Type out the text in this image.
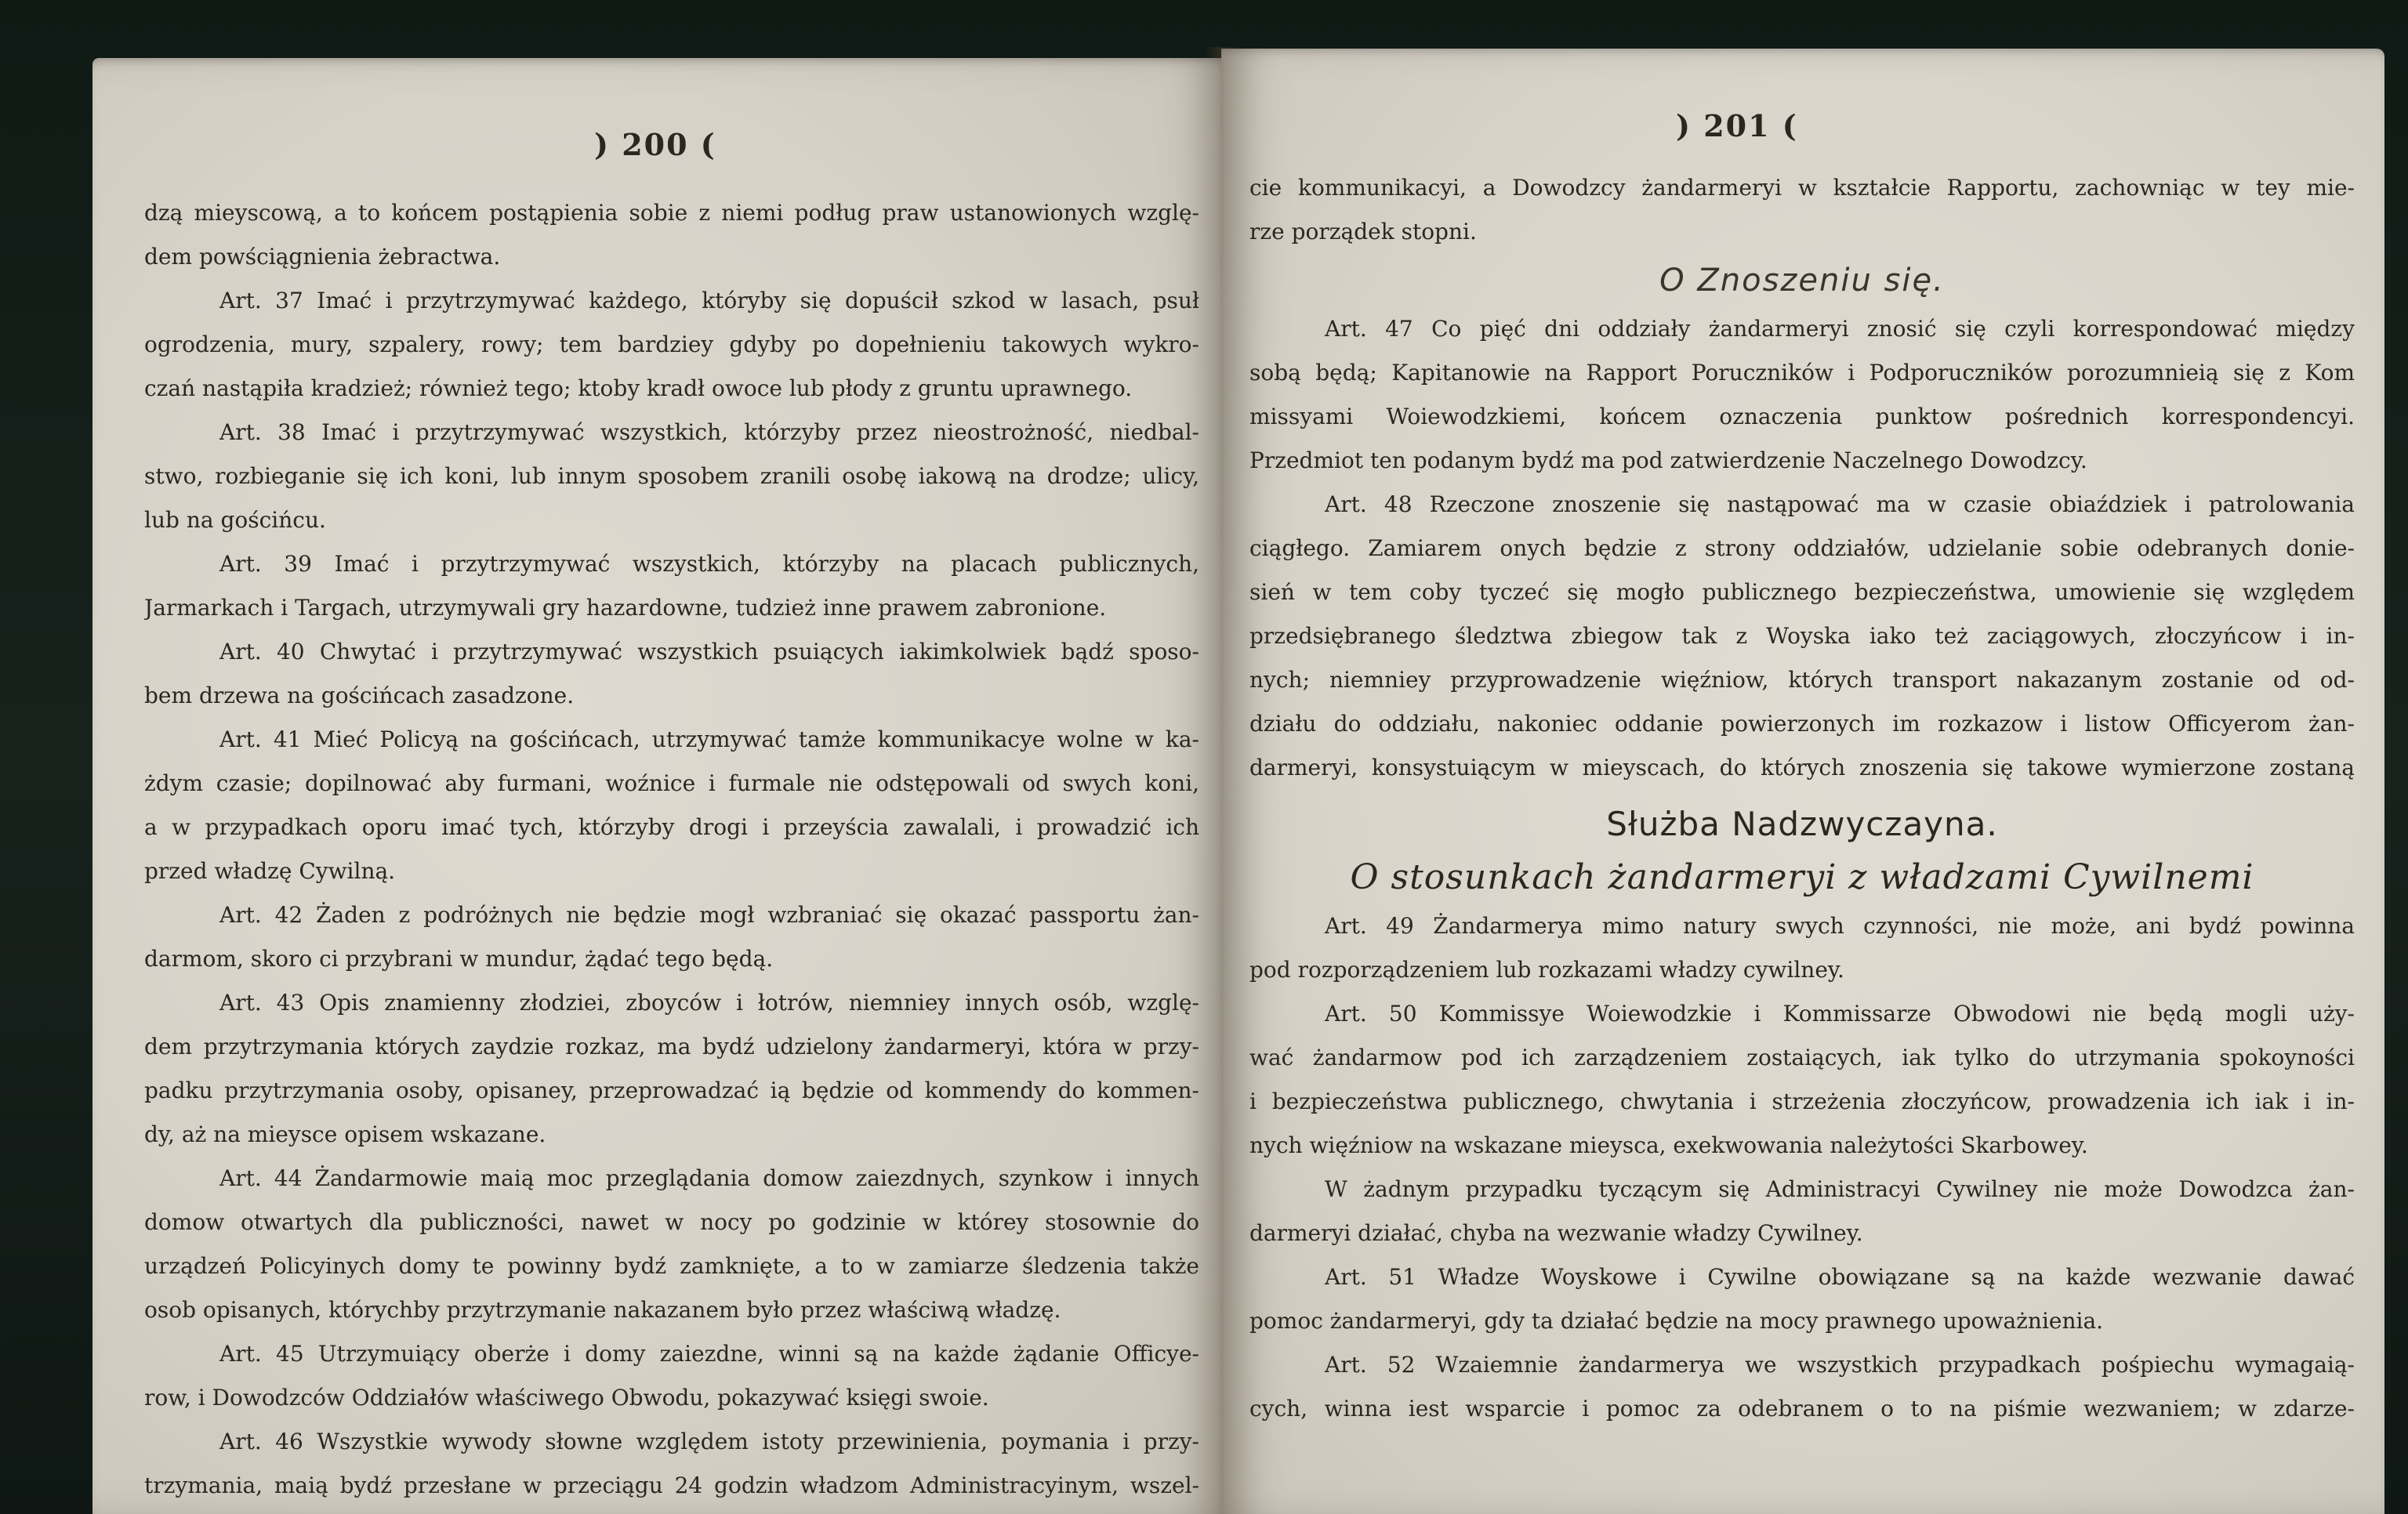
) 200 (
dzą mieyscową, a to końcem postąpienia sobie z niemi podług praw ustanowionych wzglę-
dem powściągnienia żebractwa.
Art. 37 Imać i przytrzymywać każdego, któryby się dopuścił szkod w lasach, psuł
ogrodzenia, mury, szpalery, rowy; tem bardziey gdyby po dopełnieniu takowych wykro-
czań nastąpiła kradzież; również tego; ktoby kradł owoce lub płody z gruntu uprawnego.
Art. 38 Imać i przytrzymywać wszystkich, którzyby przez nieostrożność, niedbal-
stwo, rozbieganie się ich koni, lub innym sposobem zranili osobę iakową na drodze; ulicy,
lub na gościńcu.
Art. 39 Imać i przytrzymywać wszystkich, którzyby na placach publicznych,
Jarmarkach i Targach, utrzymywali gry hazardowne, tudzież inne prawem zabronione.
Art. 40 Chwytać i przytrzymywać wszystkich psuiących iakimkolwiek bądź sposo-
bem drzewa na gościńcach zasadzone.
Art. 41 Mieć Policyą na gościńcach, utrzymywać tamże kommunikacye wolne w ka-
żdym czasie; dopilnować aby furmani, woźnice i furmale nie odstępowali od swych koni,
a w przypadkach oporu imać tych, którzyby drogi i przeyścia zawalali, i prowadzić ich
przed władzę Cywilną.
Art. 42 Żaden z podróżnych nie będzie mogł wzbraniać się okazać passportu żan-
darmom, skoro ci przybrani w mundur, żądać tego będą.
Art. 43 Opis znamienny złodziei, zboyców i łotrów, niemniey innych osób, wzglę-
dem przytrzymania których zaydzie rozkaz, ma bydź udzielony żandarmeryi, która w przy-
padku przytrzymania osoby, opisaney, przeprowadzać ią będzie od kommendy do kommen-
dy, aż na mieysce opisem wskazane.
Art. 44 Żandarmowie maią moc przeglądania domow zaiezdnych, szynkow i innych
domow otwartych dla publiczności, nawet w nocy po godzinie w którey stosownie do
urządzeń Policyinych domy te powinny bydź zamknięte, a to w zamiarze śledzenia także
osob opisanych, którychby przytrzymanie nakazanem było przez właściwą władzę.
Art. 45 Utrzymuiący oberże i domy zaiezdne, winni są na każde żądanie Officye-
row, i Dowodzców Oddziałów właściwego Obwodu, pokazywać księgi swoie.
Art. 46 Wszystkie wywody słowne względem istoty przewinienia, poymania i przy-
trzymania, maią bydź przesłane w przeciągu 24 godzin władzom Administracyinym, wszel-
) 201 (
cie kommunikacyi, a Dowodzcy żandarmeryi w kształcie Rapportu, zachowniąc w tey mie-
rze porządek stopni.
O Znoszeniu się.
Art. 47 Co pięć dni oddziały żandarmeryi znosić się czyli korrespondować między
sobą będą; Kapitanowie na Rapport Poruczników i Podporuczników porozumnieią się z Kom
missyami Woiewodzkiemi, końcem oznaczenia punktow pośrednich korrespondencyi.
Przedmiot ten podanym bydź ma pod zatwierdzenie Naczelnego Dowodzcy.
Art. 48 Rzeczone znoszenie się nastąpować ma w czasie obiaździek i patrolowania
ciągłego. Zamiarem onych będzie z strony oddziałów, udzielanie sobie odebranych donie-
sień w tem coby tyczeć się mogło publicznego bezpieczeństwa, umowienie się względem
przedsiębranego śledztwa zbiegow tak z Woyska iako też zaciągowych, złoczyńcow i in-
nych; niemniey przyprowadzenie więźniow, których transport nakazanym zostanie od od-
działu do oddziału, nakoniec oddanie powierzonych im rozkazow i listow Officyerom żan-
darmeryi, konsystuiącym w mieyscach, do których znoszenia się takowe wymierzone zostaną
Służba Nadzwyczayna.
O stosunkach żandarmeryi z władzami Cywilnemi
Art. 49 Żandarmerya mimo natury swych czynności, nie może, ani bydź powinna
pod rozporządzeniem lub rozkazami władzy cywilney.
Art. 50 Kommissye Woiewodzkie i Kommissarze Obwodowi nie będą mogli uży-
wać żandarmow pod ich zarządzeniem zostaiących, iak tylko do utrzymania spokoyności
i bezpieczeństwa publicznego, chwytania i strzeżenia złoczyńcow, prowadzenia ich iak i in-
nych więźniow na wskazane mieysca, exekwowania należytości Skarbowey.
W żadnym przypadku tyczącym się Administracyi Cywilney nie może Dowodzca żan-
darmeryi działać, chyba na wezwanie władzy Cywilney.
Art. 51 Władze Woyskowe i Cywilne obowiązane są na każde wezwanie dawać
pomoc żandarmeryi, gdy ta działać będzie na mocy prawnego upoważnienia.
Art. 52 Wzaiemnie żandarmerya we wszystkich przypadkach pośpiechu wymagaią-
cych, winna iest wsparcie i pomoc za odebranem o to na piśmie wezwaniem; w zdarze-
